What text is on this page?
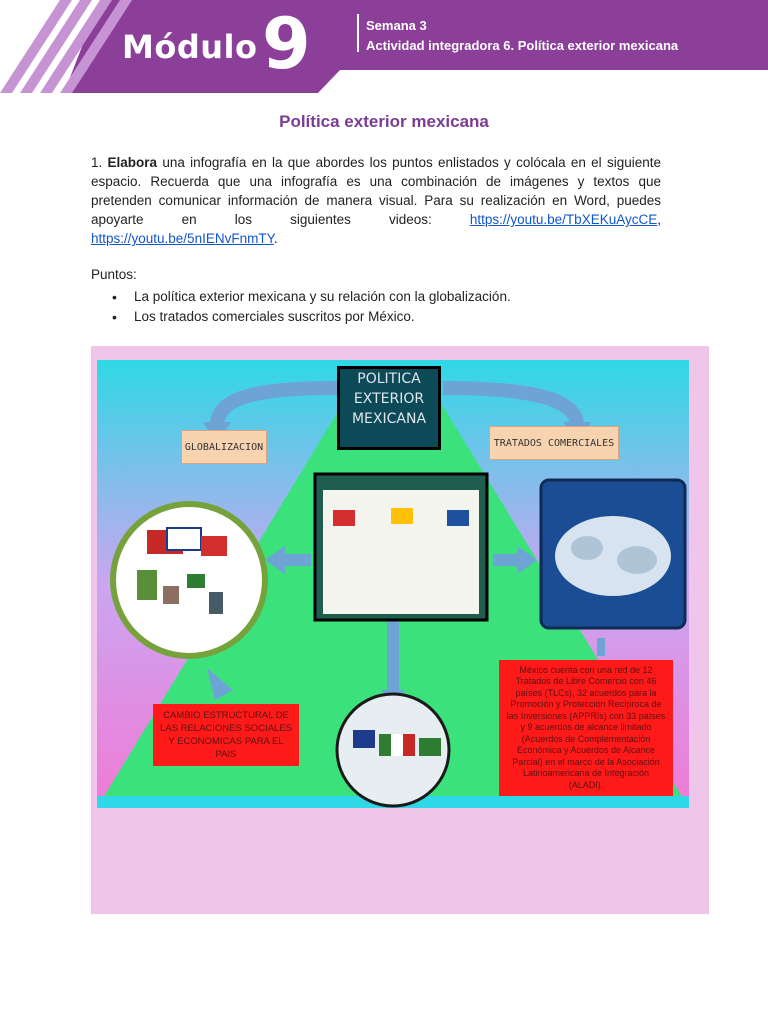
Módulo 9	Semana 3
Actividad integradora 6. Política exterior mexicana
Política exterior mexicana
1. Elabora una infografía en la que abordes los puntos enlistados y colócala en el siguiente espacio. Recuerda que una infografía es una combinación de imágenes y textos que pretenden comunicar información de manera visual. Para su realización en Word, puedes apoyarte en los siguientes videos: https://youtu.be/TbXEKuAycCE, https://youtu.be/5nIENvFnmTY.
Puntos:
• La política exterior mexicana y su relación con la globalización.
• Los tratados comerciales suscritos por México.
POLITICA
EXTERIOR
MEXICANA
GLOBALIZACION	TRATADOS COMERCIALES
CAMBIO ESTRUCTURAL DE LAS RELACIONES SOCIALES Y ECONOMICAS PARA EL PAIS
México cuenta con una red de 12 Tratados de Libre Comercio con 46 países (TLCs), 32 acuerdos para la Promoción y Protección Recíproca de las Inversiones (APPRIs) con 33 países y 9 acuerdos de alcance limitado (Acuerdos de Complementación Económica y Acuerdos de Alcance Parcial) en el marco de la Asociación Latinoamericana de Integración (ALADI).
